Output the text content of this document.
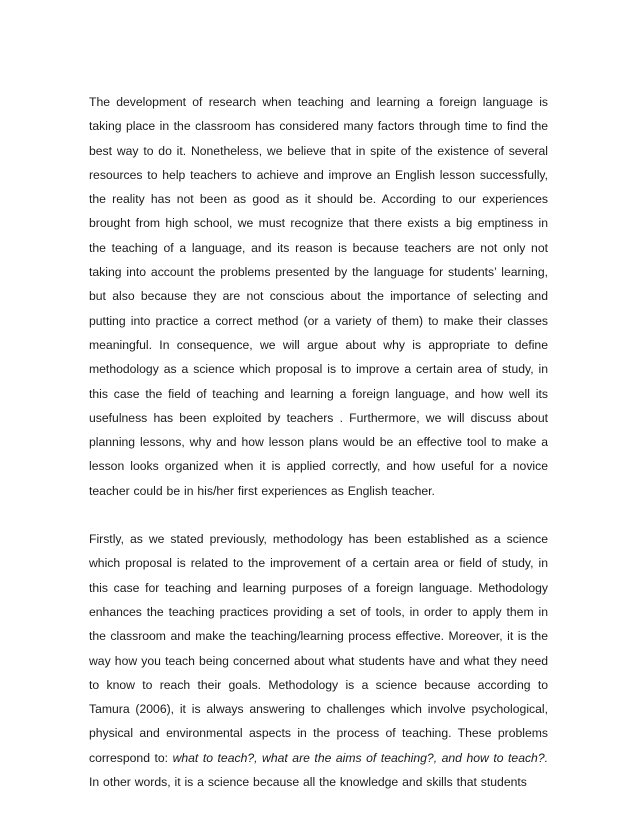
The development of research when teaching and learning a foreign language is taking place in the classroom has considered many factors through time to find the best way to do it. Nonetheless, we believe that in spite of the existence of several resources to help teachers to achieve and improve an English lesson successfully, the reality has not been as good as it should be. According to our experiences brought from high school, we must recognize that there exists a big emptiness in the teaching of a language, and its reason is because teachers are not only not taking into account the problems presented by the language for students’ learning, but also because they are not conscious about the importance of selecting and putting into practice a correct method (or a variety of them) to make their classes meaningful. In consequence, we will argue about why is appropriate to define methodology as a science which proposal is to improve a certain area of study, in this case the field of teaching and learning a foreign language, and how well its usefulness has been exploited by teachers . Furthermore, we will discuss about planning lessons, why and how lesson plans would be an effective tool to make a lesson looks organized when it is applied correctly, and how useful for a novice teacher could be in his/her first experiences as English teacher.

Firstly, as we stated previously, methodology has been established as a science which proposal is related to the improvement of a certain area or field of study, in this case for teaching and learning purposes of a foreign language. Methodology enhances the teaching practices providing a set of tools, in order to apply them in the classroom and make the teaching/learning process effective. Moreover, it is the way how you teach being concerned about what students have and what they need to know to reach their goals. Methodology is a science because according to Tamura (2006), it is always answering to challenges which involve psychological, physical and environmental aspects in the process of teaching. These problems correspond to: what to teach?, what are the aims of teaching?, and how to teach?. In other words, it is a science because all the knowledge and skills that students
